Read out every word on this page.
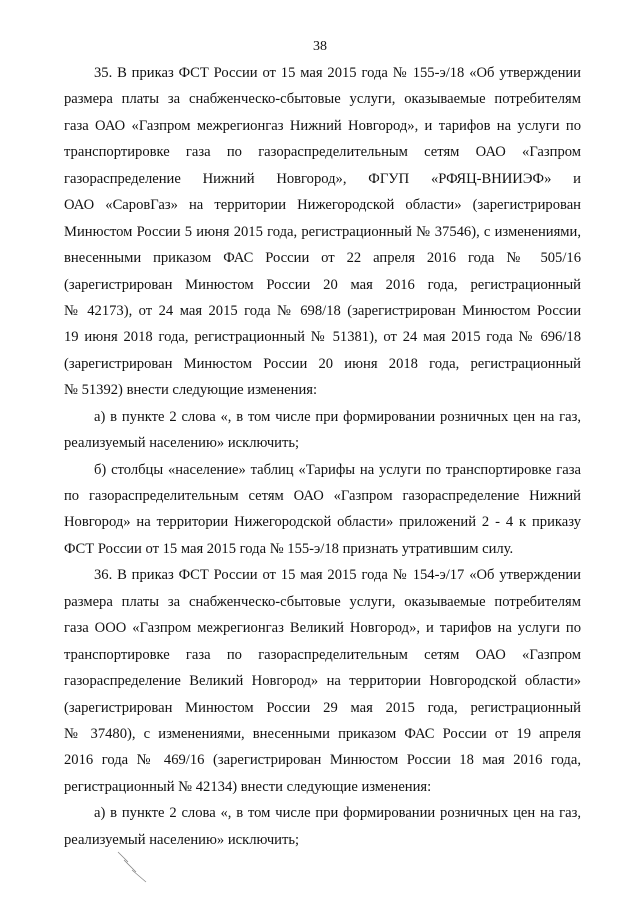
38
35. В приказ ФСТ России от 15 мая 2015 года № 155-э/18 «Об утверждении
размера платы за снабженческо-сбытовые услуги, оказываемые потребителям
газа ОАО «Газпром межрегионгаз Нижний Новгород», и тарифов на услуги по
транспортировке газа по газораспределительным сетям ОАО «Газпром
газораспределение Нижний Новгород», ФГУП «РФЯЦ-ВНИИЭФ» и
ОАО «СаровГаз» на территории Нижегородской области» (зарегистрирован
Минюстом России 5 июня 2015 года, регистрационный № 37546), с изменениями,
внесенными приказом ФАС России от 22 апреля 2016 года № 505/16
(зарегистрирован Минюстом России 20 мая 2016 года, регистрационный
№ 42173), от 24 мая 2015 года № 698/18 (зарегистрирован Минюстом России
19 июня 2018 года, регистрационный № 51381), от 24 мая 2015 года № 696/18
(зарегистрирован Минюстом России 20 июня 2018 года, регистрационный
№ 51392) внести следующие изменения:
а) в пункте 2 слова «, в том числе при формировании розничных цен на газ,
реализуемый населению» исключить;
б) столбцы «население» таблиц «Тарифы на услуги по транспортировке газа
по газораспределительным сетям ОАО «Газпром газораспределение Нижний
Новгород» на территории Нижегородской области» приложений 2 - 4 к приказу
ФСТ России от 15 мая 2015 года № 155-э/18 признать утратившим силу.
36. В приказ ФСТ России от 15 мая 2015 года № 154-э/17 «Об утверждении
размера платы за снабженческо-сбытовые услуги, оказываемые потребителям
газа ООО «Газпром межрегионгаз Великий Новгород», и тарифов на услуги по
транспортировке газа по газораспределительным сетям ОАО «Газпром
газораспределение Великий Новгород» на территории Новгородской области»
(зарегистрирован Минюстом России 29 мая 2015 года, регистрационный
№ 37480), с изменениями, внесенными приказом ФАС России от 19 апреля
2016 года № 469/16 (зарегистрирован Минюстом России 18 мая 2016 года,
регистрационный № 42134) внести следующие изменения:
а) в пункте 2 слова «, в том числе при формировании розничных цен на газ,
реализуемый населению» исключить;
